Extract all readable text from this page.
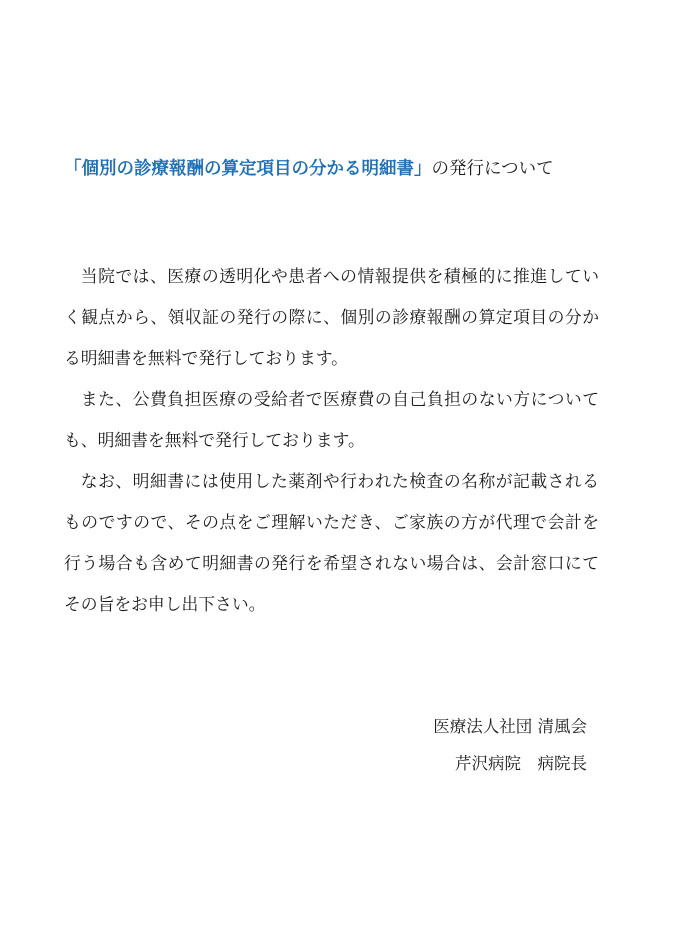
「個別の診療報酬の算定項目の分かる明細書」の発行について

当院では、医療の透明化や患者への情報提供を積極的に推進していく観点から、領収証の発行の際に、個別の診療報酬の算定項目の分かる明細書を無料で発行しております。

また、公費負担医療の受給者で医療費の自己負担のない方についても、明細書を無料で発行しております。

なお、明細書には使用した薬剤や行われた検査の名称が記載されるものですので、その点をご理解いただき、ご家族の方が代理で会計を行う場合も含めて明細書の発行を希望されない場合は、会計窓口にてその旨をお申し出下さい。

医療法人社団 清風会
芹沢病院　病院長
